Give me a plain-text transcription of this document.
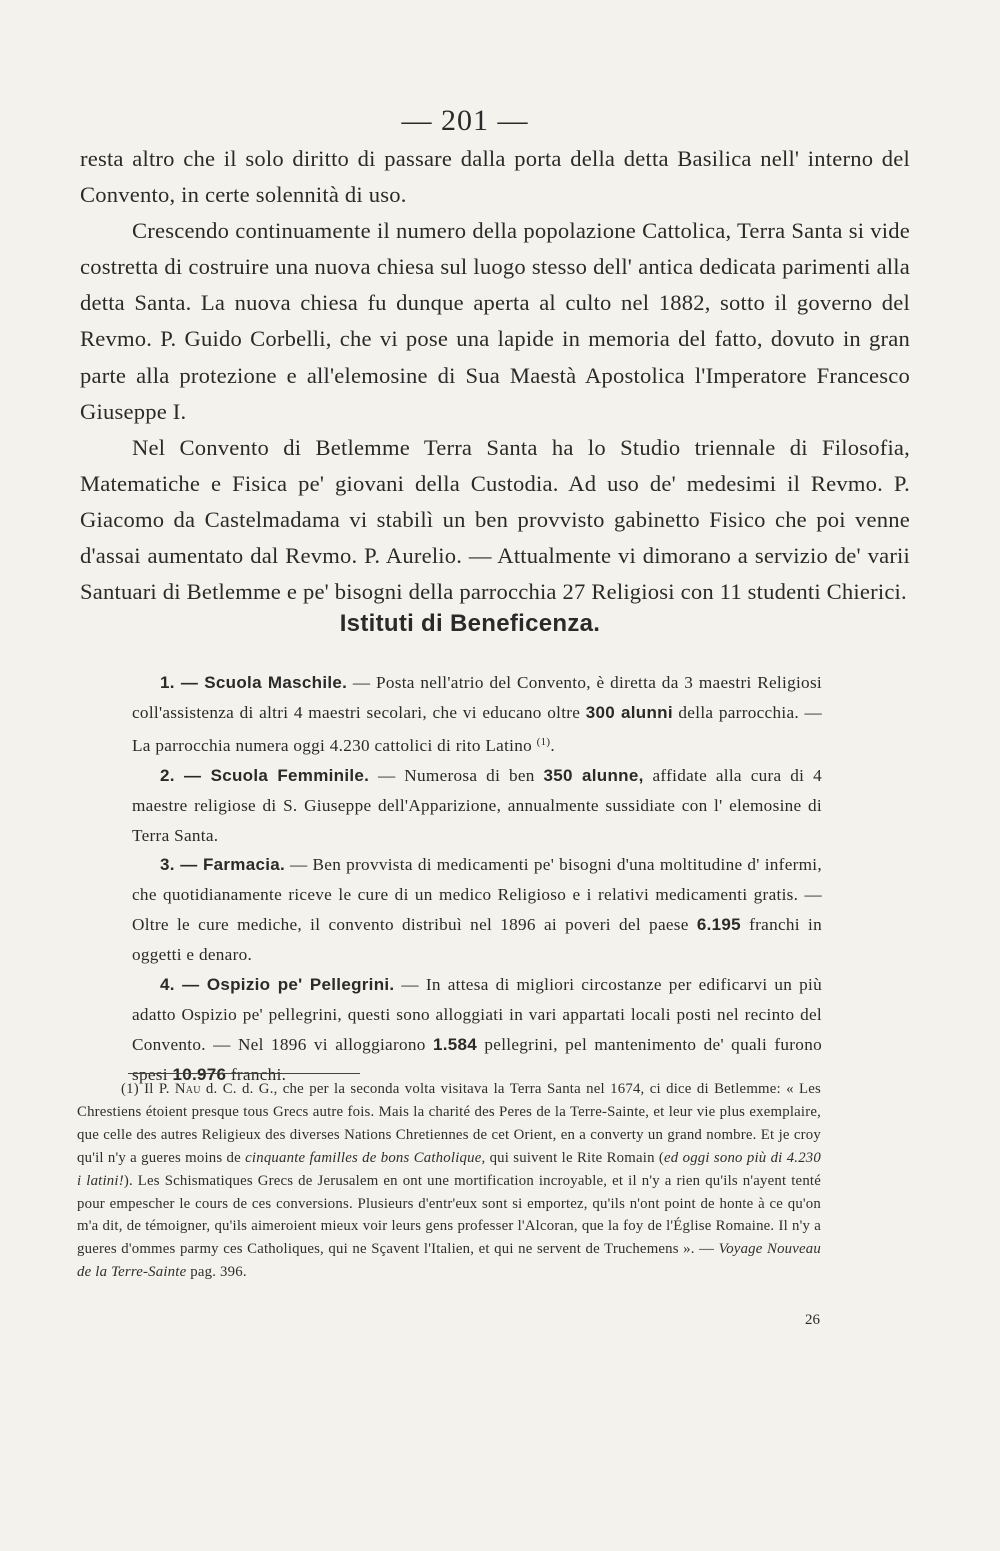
— 201 —

resta altro che il solo diritto di passare dalla porta della detta Basilica nell' interno del Convento, in certe solennità di uso.

Crescendo continuamente il numero della popolazione Cattolica, Terra Santa si vide costretta di costruire una nuova chiesa sul luogo stesso dell' antica dedicata parimenti alla detta Santa. La nuova chiesa fu dunque aperta al culto nel 1882, sotto il governo del Revmo. P. Guido Corbelli, che vi pose una lapide in memoria del fatto, dovuto in gran parte alla protezione e all'elemosine di Sua Maestà Apostolica l'Imperatore Francesco Giuseppe I.

Nel Convento di Betlemme Terra Santa ha lo Studio triennale di Filosofia, Matematiche e Fisica pe' giovani della Custodia. Ad uso de' medesimi il Revmo. P. Giacomo da Castelmadama vi stabilì un ben provvisto gabinetto Fisico che poi venne d'assai aumentato dal Revmo. P. Aurelio. — Attualmente vi dimorano a servizio de' varii Santuari di Betlemme e pe' bisogni della parrocchia 27 Religiosi con 11 studenti Chierici.

Istituti di Beneficenza.

1. — Scuola Maschile. — Posta nell'atrio del Convento, è diretta da 3 maestri Religiosi coll'assistenza di altri 4 maestri secolari, che vi educano oltre 300 alunni della parrocchia. — La parrocchia numera oggi 4.230 cattolici di rito Latino $^{(1)}$.

2. — Scuola Femminile. — Numerosa di ben 350 alunne, affidate alla cura di 4 maestre religiose di S. Giuseppe dell'Apparizione, annualmente sussidiate con l' elemosine di Terra Santa.

3. — Farmacia. — Ben provvista di medicamenti pe' bisogni d'una moltitudine d' infermi, che quotidianamente riceve le cure di un medico Religioso e i relativi medicamenti gratis. — Oltre le cure mediche, il convento distribuì nel 1896 ai poveri del paese 6.195 franchi in oggetti e denaro.

4. — Ospizio pe' Pellegrini. — In attesa di migliori circostanze per edificarvi un più adatto Ospizio pe' pellegrini, questi sono alloggiati in vari appartati locali posti nel recinto del Convento. — Nel 1896 vi alloggiarono 1.584 pellegrini, pel mantenimento de' quali furono spesi 10.976 franchi.

(1) Il P. Nau d. C. d. G., che per la seconda volta visitava la Terra Santa nel 1674, ci dice di Betlemme: « Les Chrestiens étoient presque tous Grecs autre fois. Mais la charité des Peres de la Terre-Sainte, et leur vie plus exemplaire, que celle des autres Religieux des diverses Nations Chretiennes de cet Orient, en a converty un grand nombre. Et je croy qu'il n'y a gueres moins de cinquante familles de bons Catholique, qui suivent le Rite Romain (ed oggi sono più di 4.230 i latini!). Les Schismatiques Grecs de Jerusalem en ont une mortification incroyable, et il n'y a rien qu'ils n'ayent tenté pour empescher le cours de ces conversions. Plusieurs d'entr'eux sont si emportez, qu'ils n'ont point de honte à ce qu'on m'a dit, de témoigner, qu'ils aimeroient mieux voir leurs gens professer l'Alcoran, que la foy de l'Église Romaine. Il n'y a gueres d'ommes parmy ces Catholiques, qui ne Sçavent l'Italien, et qui ne servent de Truchemens ». — Voyage Nouveau de la Terre-Sainte pag. 396.

26
